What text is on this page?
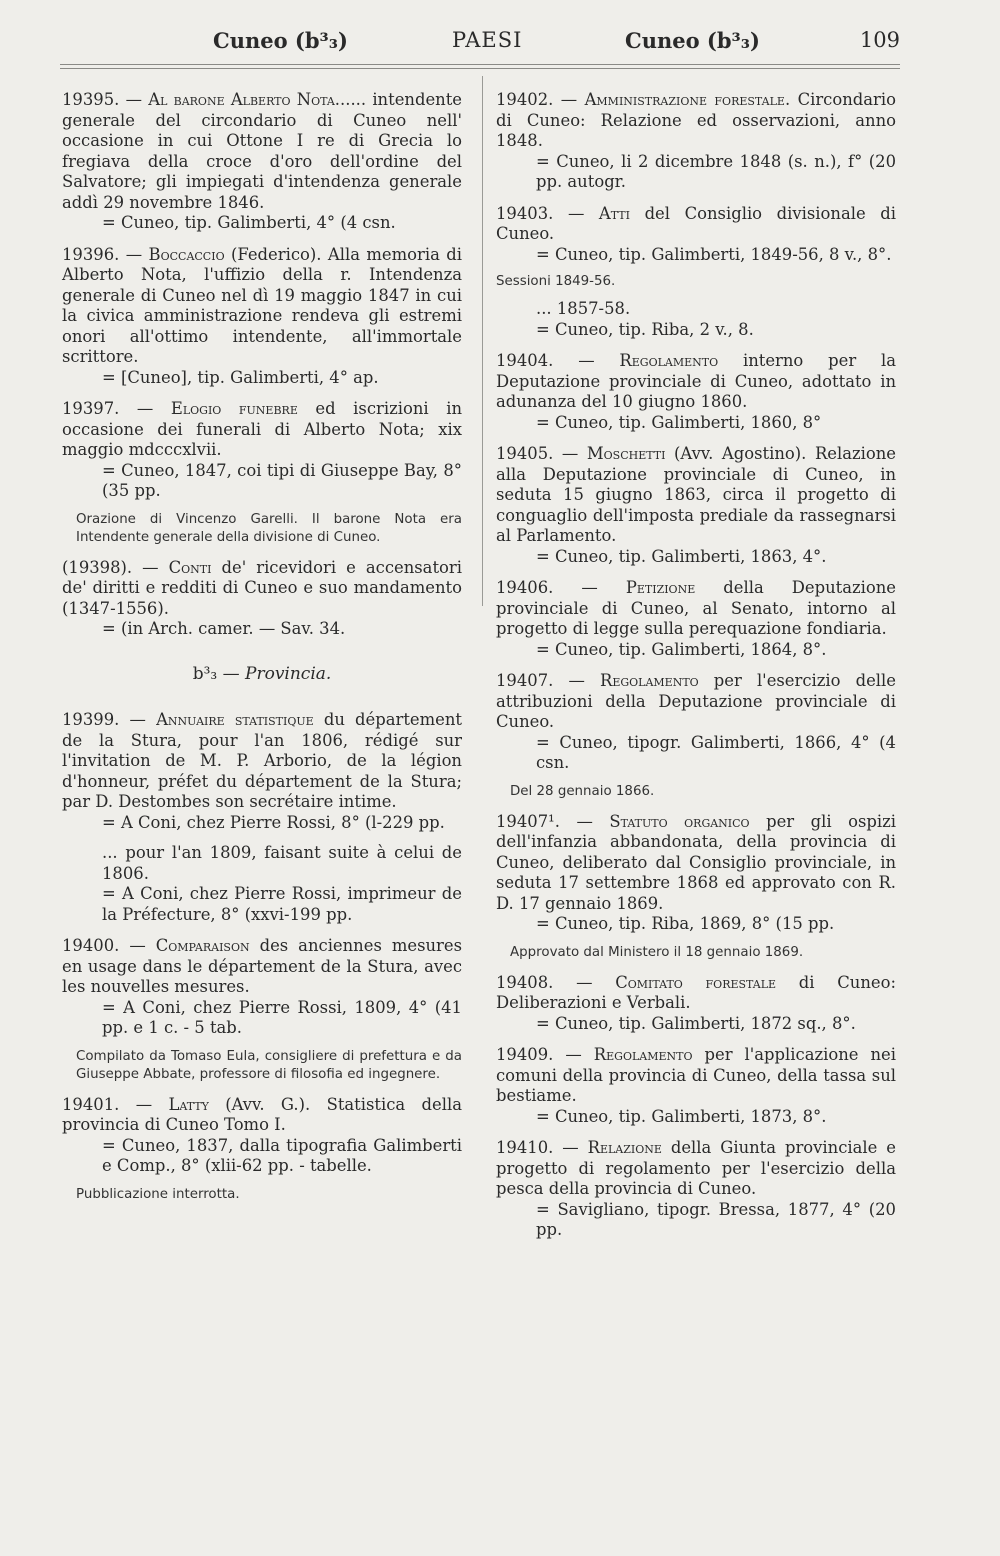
Cuneo (b³₃)	PAESI	Cuneo (b³₃)	109

19395. — Al barone Alberto Nota...... intendente generale del circondario di Cuneo nell' occasione in cui Ottone I re di Grecia lo fregiava della croce d'oro dell'ordine del Salvatore; gli impiegati d'intendenza generale addì 29 novembre 1846.

= Cuneo, tip. Galimberti, 4° (4 csn.

19396. — Boccaccio (Federico). Alla memoria di Alberto Nota, l'uffizio della r. Intendenza generale di Cuneo nel dì 19 maggio 1847 in cui la civica amministrazione rendeva gli estremi onori all'ottimo intendente, all'immortale scrittore.

= [Cuneo], tip. Galimberti, 4° ap.

19397. — Elogio funebre ed iscrizioni in occasione dei funerali di Alberto Nota; xix maggio mdcccxlvii.

= Cuneo, 1847, coi tipi di Giuseppe Bay, 8° (35 pp.

Orazione di Vincenzo Garelli. Il barone Nota era Intendente generale della divisione di Cuneo.

(19398). — Conti de' ricevidori e accensatori de' diritti e redditi di Cuneo e suo mandamento (1347-1556).

= (in Arch. camer. — Sav. 34.

b³₃ — Provincia.

19399. — Annuaire statistique du département de la Stura, pour l'an 1806, rédigé sur l'invitation de M. P. Arborio, de la légion d'honneur, préfet du département de la Stura; par D. Destombes son secrétaire intime.

= A Coni, chez Pierre Rossi, 8° (l-229 pp.

... pour l'an 1809, faisant suite à celui de 1806.

= A Coni, chez Pierre Rossi, imprimeur de la Préfecture, 8° (xxvi-199 pp.

19400. — Comparaison des anciennes mesures en usage dans le département de la Stura, avec les nouvelles mesures.

= A Coni, chez Pierre Rossi, 1809, 4° (41 pp. e 1 c. - 5 tab.

Compilato da Tomaso Eula, consigliere di prefettura e da Giuseppe Abbate, professore di filosofia ed ingegnere.

19401. — Latty (Avv. G.). Statistica della provincia di Cuneo Tomo I.

= Cuneo, 1837, dalla tipografia Galimberti e Comp., 8° (xlii-62 pp. - tabelle.

Pubblicazione interrotta.

19402. — Amministrazione forestale. Circondario di Cuneo: Relazione ed osservazioni, anno 1848.

= Cuneo, li 2 dicembre 1848 (s. n.), f° (20 pp. autogr.

19403. — Atti del Consiglio divisionale di Cuneo.

= Cuneo, tip. Galimberti, 1849-56, 8 v., 8°.

Sessioni 1849-56.

... 1857-58.

= Cuneo, tip. Riba, 2 v., 8.

19404. — Regolamento interno per la Deputazione provinciale di Cuneo, adottato in adunanza del 10 giugno 1860.

= Cuneo, tip. Galimberti, 1860, 8°

19405. — Moschetti (Avv. Agostino). Relazione alla Deputazione provinciale di Cuneo, in seduta 15 giugno 1863, circa il progetto di conguaglio dell'imposta prediale da rassegnarsi al Parlamento.

= Cuneo, tip. Galimberti, 1863, 4°.

19406. — Petizione della Deputazione provinciale di Cuneo, al Senato, intorno al progetto di legge sulla perequazione fondiaria.

= Cuneo, tip. Galimberti, 1864, 8°.

19407. — Regolamento per l'esercizio delle attribuzioni della Deputazione provinciale di Cuneo.

= Cuneo, tipogr. Galimberti, 1866, 4° (4 csn.

Del 28 gennaio 1866.

19407¹. — Statuto organico per gli ospizi dell'infanzia abbandonata, della provincia di Cuneo, deliberato dal Consiglio provinciale, in seduta 17 settembre 1868 ed approvato con R. D. 17 gennaio 1869.

= Cuneo, tip. Riba, 1869, 8° (15 pp.

Approvato dal Ministero il 18 gennaio 1869.

19408. — Comitato forestale di Cuneo: Deliberazioni e Verbali.

= Cuneo, tip. Galimberti, 1872 sq., 8°.

19409. — Regolamento per l'applicazione nei comuni della provincia di Cuneo, della tassa sul bestiame.

= Cuneo, tip. Galimberti, 1873, 8°.

19410. — Relazione della Giunta provinciale e progetto di regolamento per l'esercizio della pesca della provincia di Cuneo.

= Savigliano, tipogr. Bressa, 1877, 4° (20 pp.
